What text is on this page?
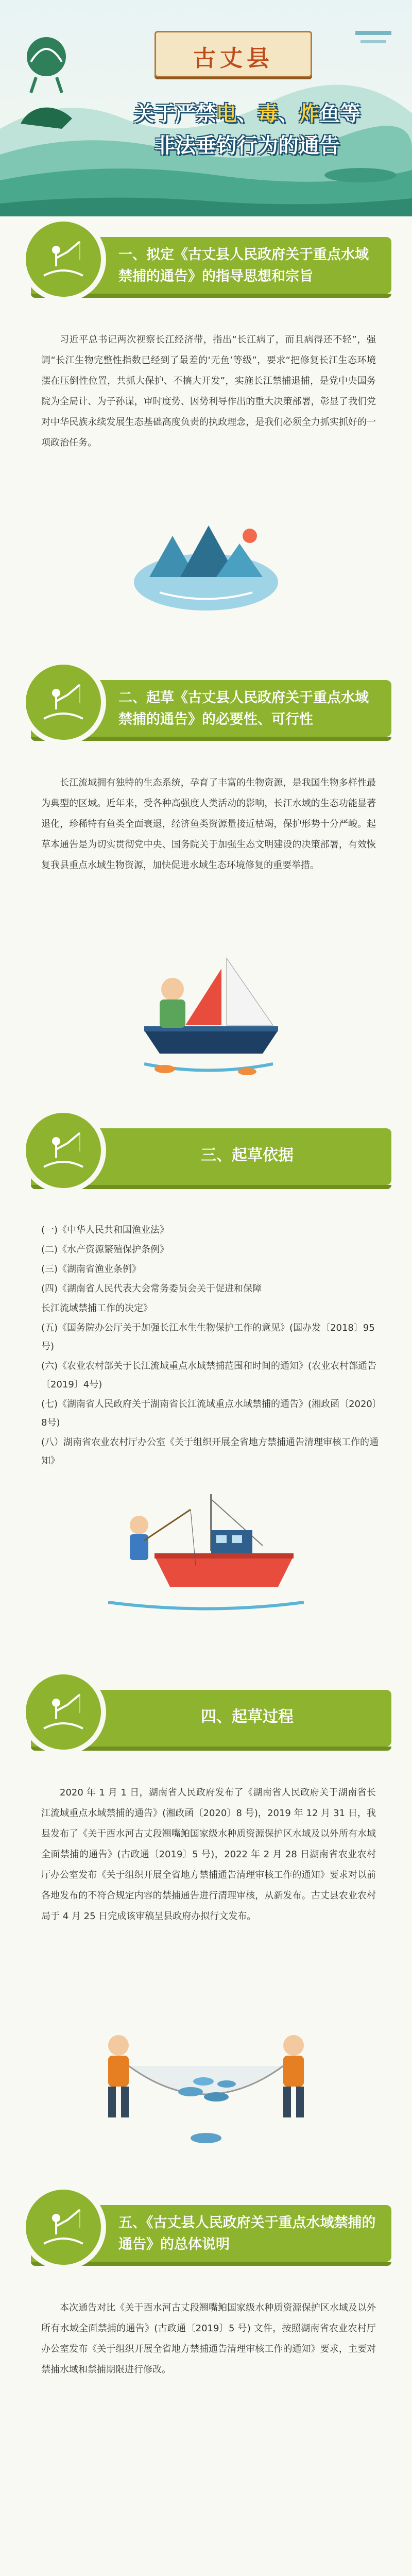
古丈县
关于严禁电、毒、炸鱼等
非法垂钓行为的通告
一、拟定《古丈县人民政府关于重点水域禁捕的通告》的指导思想和宗旨

习近平总书记两次视察长江经济带，指出“长江病了，而且病得还不轻”，强调“长江生物完整性指数已经到了最差的‘无鱼’等级”，要求“把修复长江生态环境摆在压倒性位置，共抓大保护、不搞大开发”，实施长江禁捕退捕，是党中央国务院为全局计、为子孙谋，审时度势、因势利导作出的重大决策部署，彰显了我们党对中华民族永续发展生态基础高度负责的执政理念，是我们必须全力抓实抓好的一项政治任务。

二、起草《古丈县人民政府关于重点水域禁捕的通告》的必要性、可行性

长江流域拥有独特的生态系统，孕育了丰富的生物资源，是我国生物多样性最为典型的区域。近年来，受各种高强度人类活动的影响，长江水域的生态功能显著退化，珍稀特有鱼类全面衰退，经济鱼类资源量接近枯竭，保护形势十分严峻。起草本通告是为切实贯彻党中央、国务院关于加强生态文明建设的决策部署，有效恢复我县重点水域生物资源，加快促进水域生态环境修复的重要举措。

三、起草依据
(一)《中华人民共和国渔业法》
(二)《水产资源繁殖保护条例》
(三)《湖南省渔业条例》
(四)《湖南省人民代表大会常务委员会关于促进和保障
长江流域禁捕工作的决定》
(五)《国务院办公厅关于加强长江水生生物保护工作的意见》(国办发〔2018〕95号)
(六)《农业农村部关于长江流域重点水域禁捕范围和时间的通知》(农业农村部通告〔2019〕4号)
(七)《湖南省人民政府关于湖南省长江流域重点水域禁捕的通告》(湘政函〔2020〕8号)
(八）湖南省农业农村厅办公室《关于组织开展全省地方禁捕通告清理审核工作的通知》
四、起草过程

2020 年 1 月 1 日，湖南省人民政府发布了《湖南省人民政府关于湖南省长江流域重点水域禁捕的通告》(湘政函〔2020〕8 号)，2019 年 12 月 31 日，我县发布了《关于酉水河古丈段翘嘴鲌国家级水种质资源保护区水域及以外所有水域全面禁捕的通告》(古政通〔2019〕5 号)，2022 年 2 月 28 日湖南省农业农村厅办公室发布《关于组织开展全省地方禁捕通告清理审核工作的通知》要求对以前各地发布的不符合规定内容的禁捕通告进行清理审核，从新发布。古丈县农业农村局于 4 月 25 日完成该审稿呈县政府办拟行文发布。

五、《古丈县人民政府关于重点水域禁捕的通告》的总体说明

本次通告对比《关于酉水河古丈段翘嘴鲌国家级水种质资源保护区水域及以外所有水域全面禁捕的通告》(古政通〔2019〕5 号) 文件，按照湖南省农业农村厅办公室发布《关于组织开展全省地方禁捕通告清理审核工作的通知》要求，主要对禁捕水域和禁捕期限进行修改。
